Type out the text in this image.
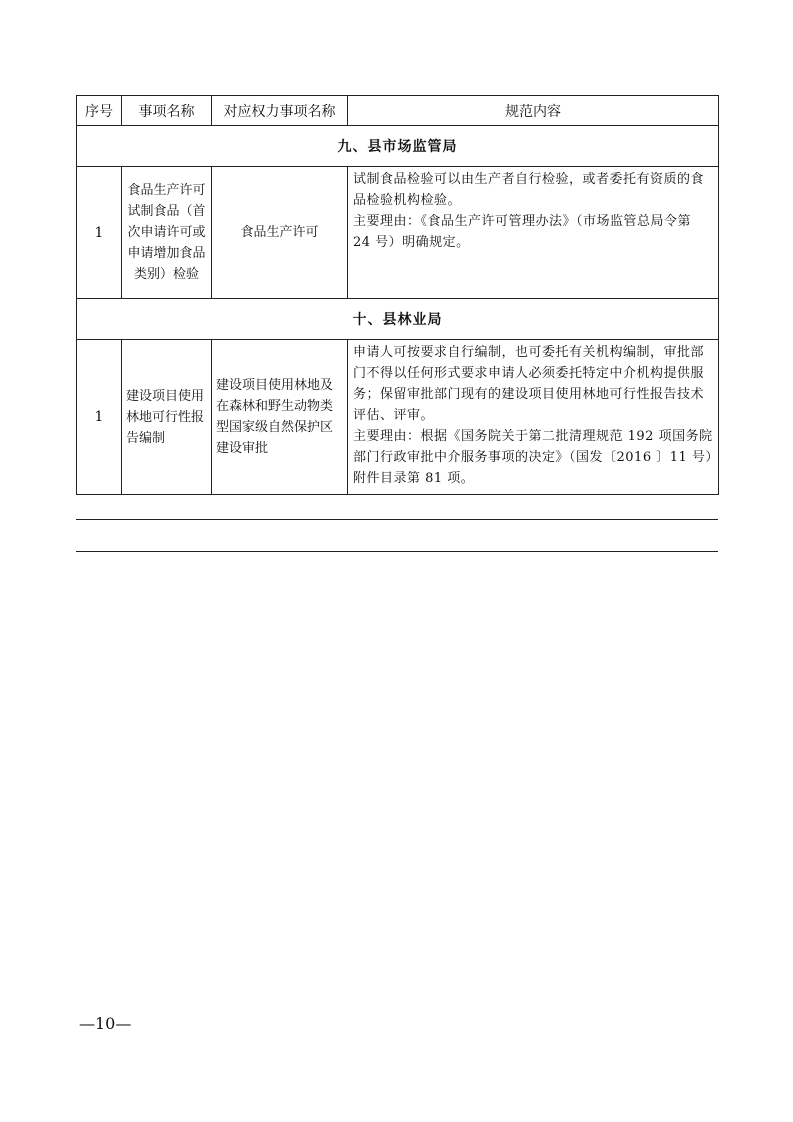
序号	事项名称	对应权力事项名称	规范内容
九、县市场监管局			
1	食品生产许可试制食品（首次申请许可或申请增加食品类别）检验	食品生产许可	试制食品检验可以由生产者自行检验，或者委托有资质的食品检验机构检验。
主要理由：《食品生产许可管理办法》（市场监管总局令第 24 号）明确规定。

十、县林业局			
1	建设项目使用林地可行性报告编制	建设项目使用林地及在森林和野生动物类型国家级自然保护区建设审批	申请人可按要求自行编制，也可委托有关机构编制，审批部门不得以任何形式要求申请人必须委托特定中介机构提供服务；保留审批部门现有的建设项目使用林地可行性报告技术评估、评审。
主要理由：根据《国务院关于第二批清理规范 192 项国务院部门行政审批中介服务事项的决定》（国发〔2016 〕11 号）附件目录第 81 项。
—10—
